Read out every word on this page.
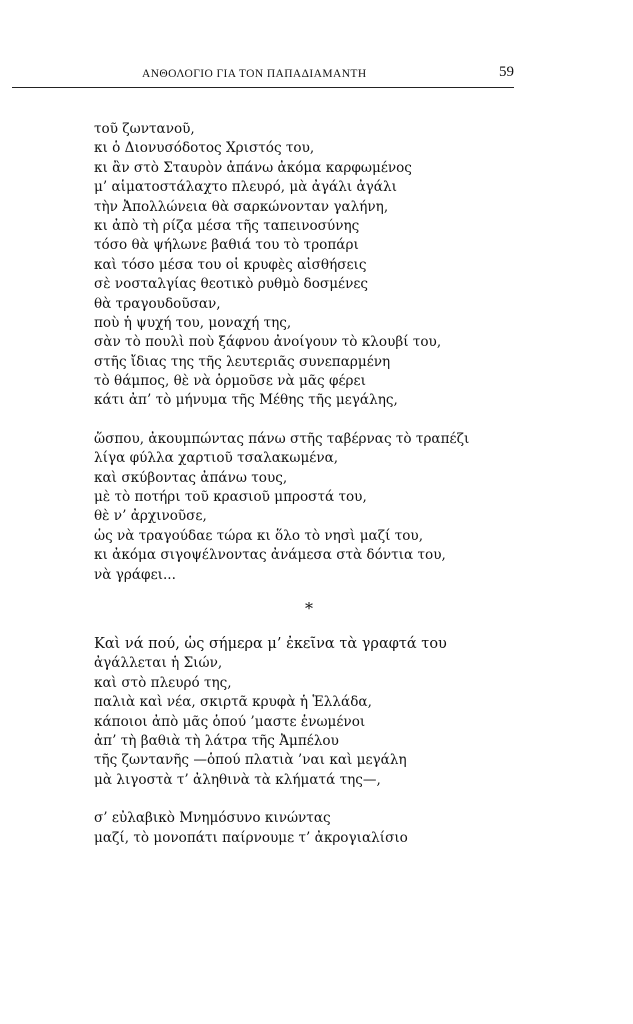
ΑΝΘΟΛΟΓΙΟ ΓΙΑ ΤΟΝ ΠΑΠΑΔΙΑΜΑΝΤΗ	59
τοῦ ζωντανοῦ,
κι ὁ Διονυσόδοτος Χριστός του,
κι ἂν στὸ Σταυρὸν ἀπάνω ἀκόμα καρφωμένος
μ’ αἱματοστάλαχτο πλευρό, μὰ ἀγάλι ἀγάλι
τὴν Ἀπολλώνεια θὰ σαρκώνονταν γαλήνη,
κι ἀπὸ τὴ ρίζα μέσα τῆς ταπεινοσύνης
τόσο θὰ ψήλωνε βαθιά του τὸ τροπάρι
καὶ τόσο μέσα του οἱ κρυφὲς αἰσθήσεις
σὲ νοσταλγίας θεοτικὸ ρυθμὸ δοσμένες
θὰ τραγουδοῦσαν,
ποὺ ἡ ψυχή του, μοναχή της,
σὰν τὸ πουλὶ ποὺ ξάφνου ἀνοίγουν τὸ κλουβί του,
στῆς ἴδιας της τῆς λευτεριᾶς συνεπαρμένη
τὸ θάμπος, θὲ νὰ ὁρμοῦσε νὰ μᾶς φέρει
κάτι ἀπ’ τὸ μήνυμα τῆς Μέθης τῆς μεγάλης,
ὥσπου, ἀκουμπώντας πάνω στῆς ταβέρνας τὸ τραπέζι
λίγα φύλλα χαρτιοῦ τσαλακωμένα,
καὶ σκύβοντας ἀπάνω τους,
μὲ τὸ ποτήρι τοῦ κρασιοῦ μπροστά του,
θὲ ν’ ἀρχινοῦσε,
ὡς νὰ τραγούδαε τώρα κι ὅλο τὸ νησὶ μαζί του,
κι ἀκόμα σιγοψέλνοντας ἀνάμεσα στὰ δόντια του,
νὰ γράφει...
*
Καὶ νά πού, ὡς σήμερα μ’ ἐκεῖνα τὰ γραφτά του
ἀγάλλεται ἡ Σιών,
καὶ στὸ πλευρό της,
παλιὰ καὶ νέα, σκιρτᾶ κρυφὰ ἡ Ἑλλάδα,
κάποιοι ἀπὸ μᾶς ὁπού ’μαστε ἑνωμένοι
ἀπ’ τὴ βαθιὰ τὴ λάτρα τῆς Ἀμπέλου
τῆς ζωντανῆς —ὁπού πλατιὰ ’ναι καὶ μεγάλη
μὰ λιγοστὰ τ’ ἀληθινὰ τὰ κλήματά της—,
σ’ εὐλαβικὸ Μνημόσυνο κινώντας
μαζί, τὸ μονοπάτι παίρνουμε τ’ ἀκρογιαλίσιο
